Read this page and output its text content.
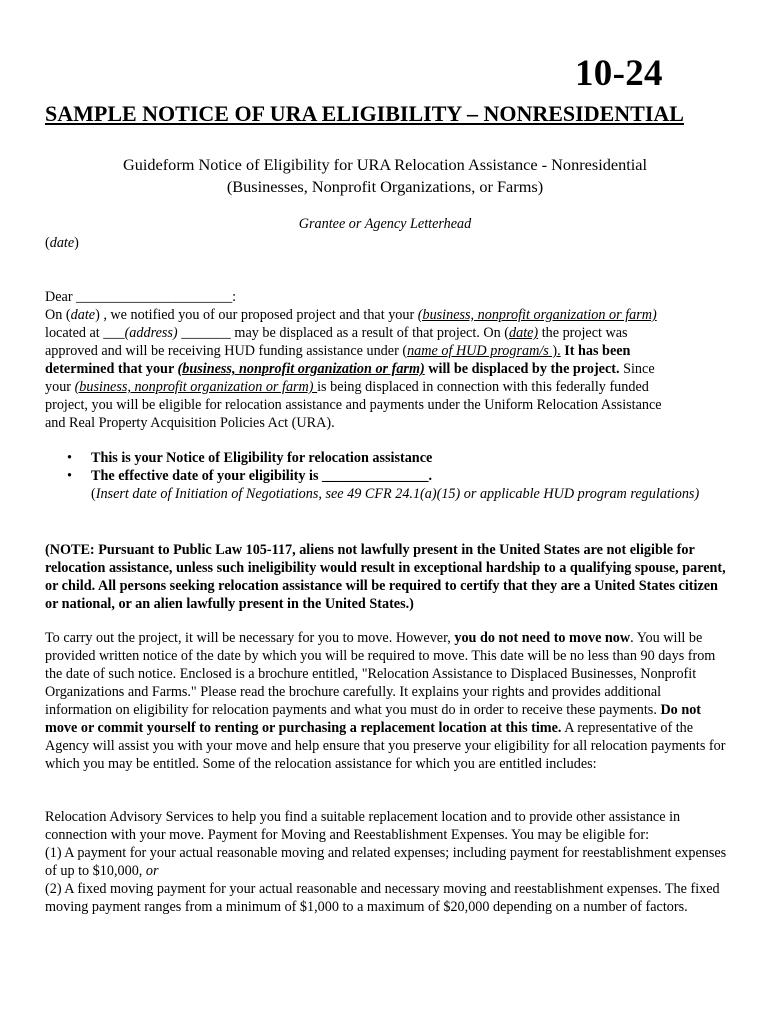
10-24
SAMPLE NOTICE OF URA ELIGIBILITY – NONRESIDENTIAL
Guideform Notice of Eligibility for URA Relocation Assistance - Nonresidential
(Businesses, Nonprofit Organizations, or Farms)
Grantee or Agency Letterhead
(date)
Dear ______________________:
On (date) , we notified you of our proposed project and that your (business, nonprofit organization or farm)
located at ___(address) _______ may be displaced as a result of that project. On (date) the project was
approved and will be receiving HUD funding assistance under (name of HUD program/s ). It has been
determined that your (business, nonprofit organization or farm) will be displaced by the project. Since
your (business, nonprofit organization or farm) is being displaced in connection with this federally funded
project, you will be eligible for relocation assistance and payments under the Uniform Relocation Assistance
and Real Property Acquisition Policies Act (URA).
• This is your Notice of Eligibility for relocation assistance
• The effective date of your eligibility is _______________.
(Insert date of Initiation of Negotiations, see 49 CFR 24.1(a)(15) or applicable HUD program regulations)
(NOTE: Pursuant to Public Law 105-117, aliens not lawfully present in the United States are not eligible for relocation assistance, unless such ineligibility would result in exceptional hardship to a qualifying spouse, parent, or child. All persons seeking relocation assistance will be required to certify that they are a United States citizen or national, or an alien lawfully present in the United States.)
To carry out the project, it will be necessary for you to move. However, you do not need to move now. You will be provided written notice of the date by which you will be required to move. This date will be no less than 90 days from the date of such notice. Enclosed is a brochure entitled, "Relocation Assistance to Displaced Businesses, Nonprofit Organizations and Farms." Please read the brochure carefully. It explains your rights and provides additional information on eligibility for relocation payments and what you must do in order to receive these payments. Do not move or commit yourself to renting or purchasing a replacement location at this time. A representative of the Agency will assist you with your move and help ensure that you preserve your eligibility for all relocation payments for which you may be entitled. Some of the relocation assistance for which you are entitled includes:
Relocation Advisory Services to help you find a suitable replacement location and to provide other assistance in connection with your move. Payment for Moving and Reestablishment Expenses. You may be eligible for:
(1) A payment for your actual reasonable moving and related expenses; including payment for reestablishment expenses of up to $10,000, or
(2) A fixed moving payment for your actual reasonable and necessary moving and reestablishment expenses. The fixed moving payment ranges from a minimum of $1,000 to a maximum of $20,000 depending on a number of factors.
